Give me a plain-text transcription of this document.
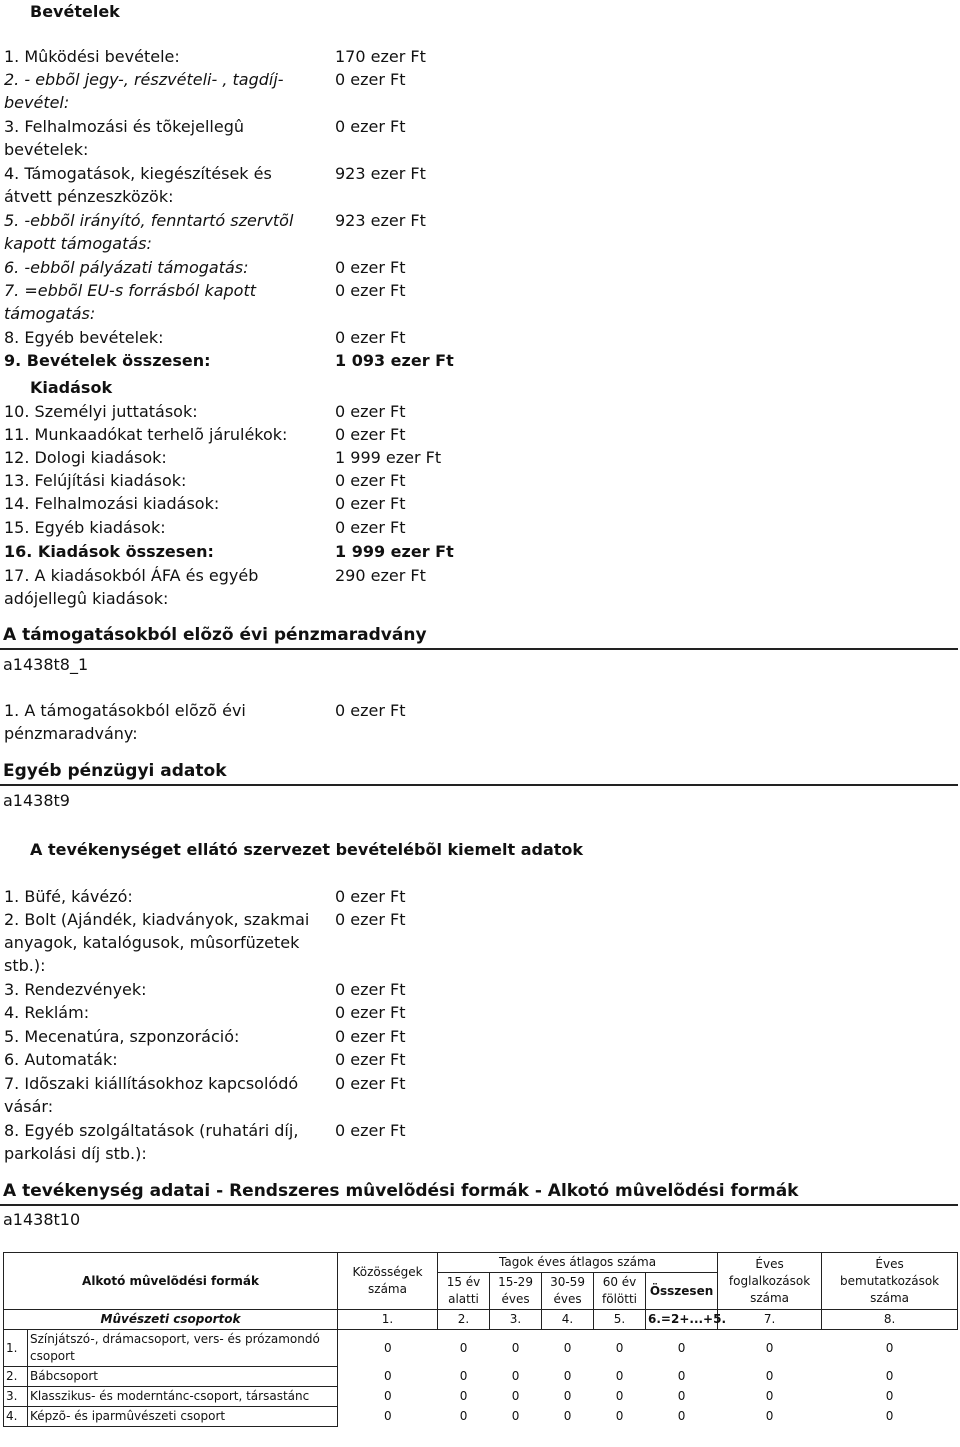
Bevételek
1. Mûködési bevétele:	170 ezer Ft
2. - ebbõl jegy-, részvételi- , tagdíj-bevétel:
0 ezer Ft
3. Felhalmozási és tõkejellegû bevételek:
0 ezer Ft
4. Támogatások, kiegészítések és átvett pénzeszközök:
923 ezer Ft
5. -ebbõl irányító, fenntartó szervtõl kapott támogatás:
923 ezer Ft
6. -ebbõl pályázati támogatás:	0 ezer Ft
7. =ebbõl EU-s forrásból kapott támogatás:
0 ezer Ft
8. Egyéb bevételek:	0 ezer Ft
9. Bevételek összesen:	1 093 ezer Ft
Kiadások
10. Személyi juttatások:	0 ezer Ft
11. Munkaadókat terhelõ járulékok:	0 ezer Ft
12. Dologi kiadások:	1 999 ezer Ft
13. Felújítási kiadások:	0 ezer Ft
14. Felhalmozási kiadások:	0 ezer Ft
15. Egyéb kiadások:	0 ezer Ft
16. Kiadások összesen:	1 999 ezer Ft
17. A kiadásokból ÁFA és egyéb adójellegû kiadások:
290 ezer Ft
A támogatásokból elõzõ évi pénzmaradvány
a1438t8_1
1. A támogatásokból elõzõ évi pénzmaradvány:
0 ezer Ft
Egyéb pénzügyi adatok
a1438t9
A tevékenységet ellátó szervezet bevételébõl kiemelt adatok
1. Büfé, kávézó:	0 ezer Ft
2. Bolt (Ajándék, kiadványok, szakmai anyagok, katalógusok, mûsorfüzetek stb.):
0 ezer Ft
3. Rendezvények:	0 ezer Ft
4. Reklám:	0 ezer Ft
5. Mecenatúra, szponzoráció:	0 ezer Ft
6. Automaták:	0 ezer Ft
7. Idõszaki kiállításokhoz kapcsolódó vásár:
0 ezer Ft
8. Egyéb szolgáltatások (ruhatári díj, parkolási díj stb.):
0 ezer Ft
A tevékenység adatai - Rendszeres mûvelõdési formák - Alkotó mûvelõdési formák
a1438t10
Alkotó mûvelõdési formák		Közösségek száma	Tagok éves átlagos száma					Éves foglalkozások száma	Éves bemutatkozások száma
			15 év alatti	15-29 éves	30-59 éves	60 év fölötti	Összesen		
Mûvészeti csoportok		1.	2.	3.	4.	5.	6.=2+...+5.	7.	8.
1.	Színjátszó-, drámacsoport, vers- és prózamondó csoport	0	0	0	0	0	0	0	0
2.	Bábcsoport	0	0	0	0	0	0	0	0
3.	Klasszikus- és moderntánc-csoport, társastánc	0	0	0	0	0	0	0	0
4.	Képzõ- és iparmûvészeti csoport	0	0	0	0	0	0	0	0
